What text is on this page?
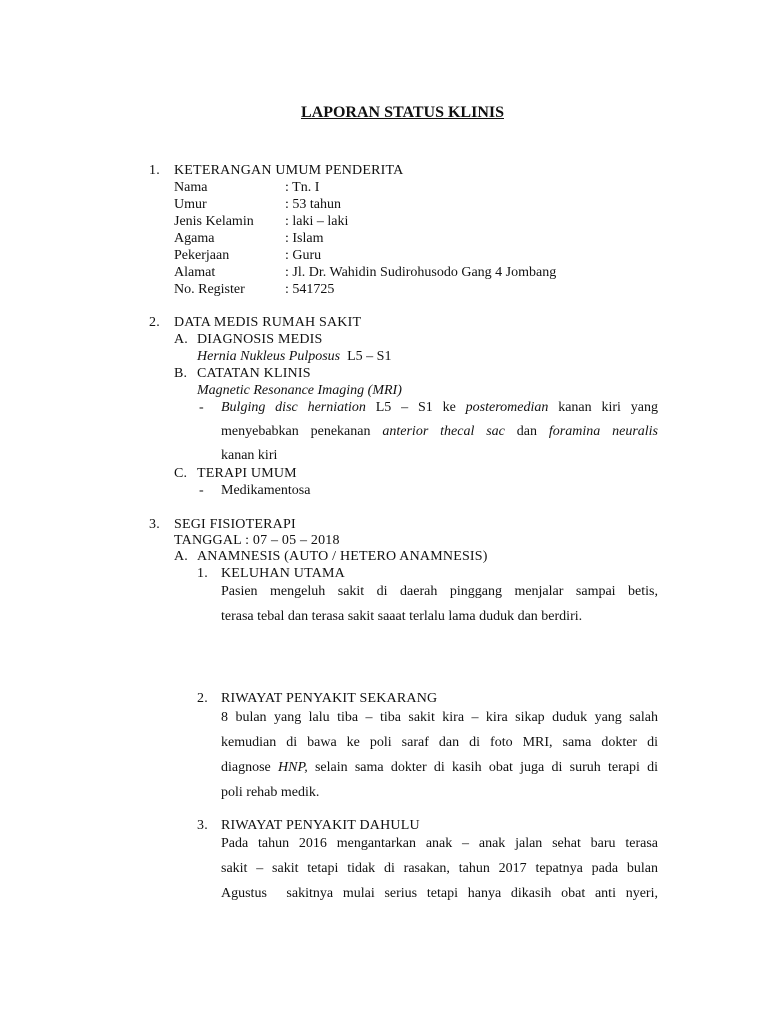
LAPORAN STATUS KLINIS
1. KETERANGAN UMUM PENDERITA
Nama	: Tn. I
Umur	: 53 tahun
Jenis Kelamin : laki – laki
Agama	: Islam
Pekerjaan	: Guru
Alamat	: Jl. Dr. Wahidin Sudirohusodo Gang 4 Jombang
No. Register	: 541725
2. DATA MEDIS RUMAH SAKIT
A. DIAGNOSIS MEDIS
Hernia Nukleus Pulposus  L5 – S1
B. CATATAN KLINIS
Magnetic Resonance Imaging (MRI)
- Bulging disc herniation L5 – S1 ke posteromedian kanan kiri yang
menyebabkan penekanan anterior thecal sac dan foramina neuralis
kanan kiri
C. TERAPI UMUM
- Medikamentosa
3. SEGI FISIOTERAPI
TANGGAL : 07 – 05 – 2018
A. ANAMNESIS (AUTO / HETERO ANAMNESIS)
1. KELUHAN UTAMA
Pasien mengeluh sakit di daerah pinggang menjalar sampai betis,
terasa tebal dan terasa sakit saaat terlalu lama duduk dan berdiri.
2. RIWAYAT PENYAKIT SEKARANG
8 bulan yang lalu tiba – tiba sakit kira – kira sikap duduk yang salah
kemudian di bawa ke poli saraf dan di foto MRI, sama dokter di
diagnose HNP, selain sama dokter di kasih obat juga di suruh terapi di
poli rehab medik.
3. RIWAYAT PENYAKIT DAHULU
Pada tahun 2016 mengantarkan anak – anak jalan sehat baru terasa
sakit – sakit tetapi tidak di rasakan, tahun 2017 tepatnya pada bulan
Agustus  sakitnya mulai serius tetapi hanya dikasih obat anti nyeri,
